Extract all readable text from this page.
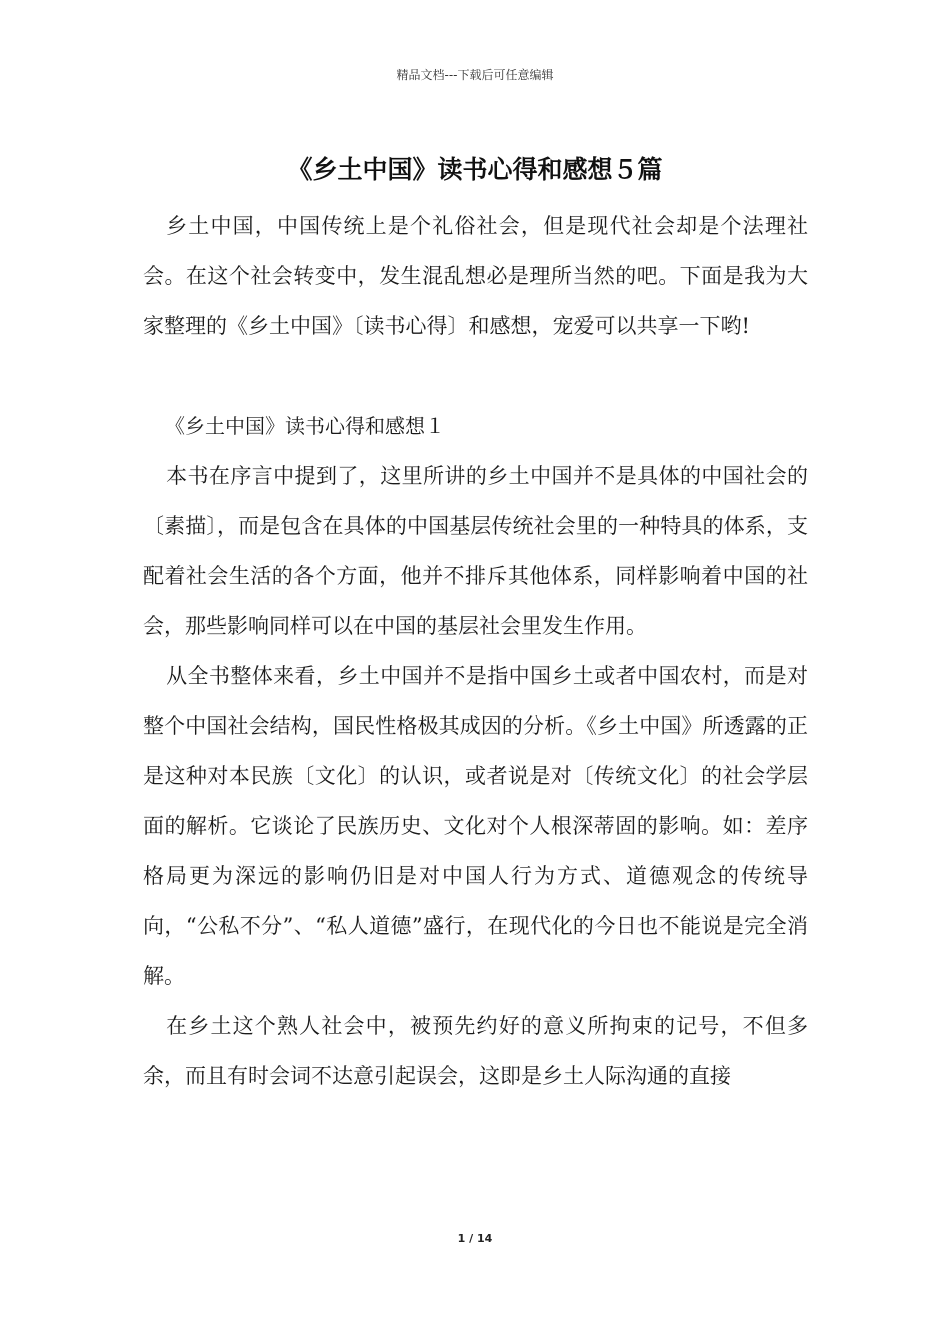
精品文档---下载后可任意编辑
《乡土中国》读书心得和感想５篇

乡土中国，中国传统上是个礼俗社会，但是现代社会却是个法理社会。在这个社会转变中，发生混乱想必是理所当然的吧。下面是我为大家整理的《乡土中国》〔读书心得〕和感想，宠爱可以共享一下哟!

《乡土中国》读书心得和感想１

本书在序言中提到了，这里所讲的乡土中国并不是具体的中国社会的〔素描〕，而是包含在具体的中国基层传统社会里的一种特具的体系，支配着社会生活的各个方面，他并不排斥其他体系，同样影响着中国的社会，那些影响同样可以在中国的基层社会里发生作用。

从全书整体来看，乡土中国并不是指中国乡土或者中国农村，而是对整个中国社会结构，国民性格极其成因的分析。《乡土中国》所透露的正是这种对本民族〔文化〕的认识，或者说是对〔传统文化〕的社会学层面的解析。它谈论了民族历史、文化对个人根深蒂固的影响。如：差序格局更为深远的影响仍旧是对中国人行为方式、道德观念的传统导向，“公私不分”、“私人道德”盛行，在现代化的今日也不能说是完全消解。

在乡土这个熟人社会中，被预先约好的意义所拘束的记号，不但多余，而且有时会词不达意引起误会，这即是乡土人际沟通的直接

1 / 14
